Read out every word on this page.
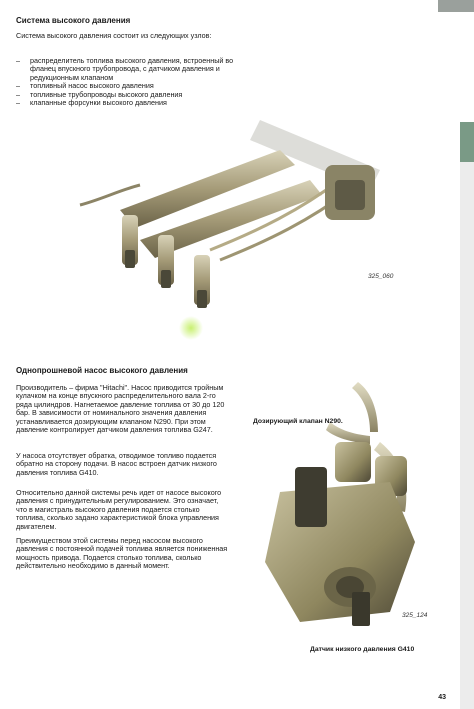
Система высокого давления

Система высокого давления состоит из следующих узлов:

– распределитель топлива высокого давления, встроенный во фланец впускного трубопровода, с датчиком давления и редукционным клапаном
– топливный насос высокого давления
– топливные трубопроводы высокого давления
– клапанные форсунки высокого давления
325_060
Однопрошневой насос высокого давления

Производитель – фирма "Hitachi". Насос приводится тройным кулачком на конце впускного распределительного вала 2-го ряда цилиндров. Нагнетаемое давление топлива от 30 до 120 бар. В зависимости от номинального значения давления устанавливается дозирующим клапаном N290. При этом давление контролирует датчиком давления топлива G247.

У насоса отсутствует обратка, отводимое топливо подается обратно на сторону подачи. В насос встроен датчик низкого давления топлива G410.

Относительно данной системы речь идет от насосе высокого давления с принудительным регулированием. Это означает, что в магистраль высокого давления подается столько топлива, сколько задано характеристикой блока управления двигателем.

Преимуществом этой системы перед насосом высокого давления с постоянной подачей топлива является пониженная мощность привода. Подается столько топлива, сколько действительно необходимо в данный момент.

Дозирующий клапан N290.
325_124
Датчик низкого давления G410
43
